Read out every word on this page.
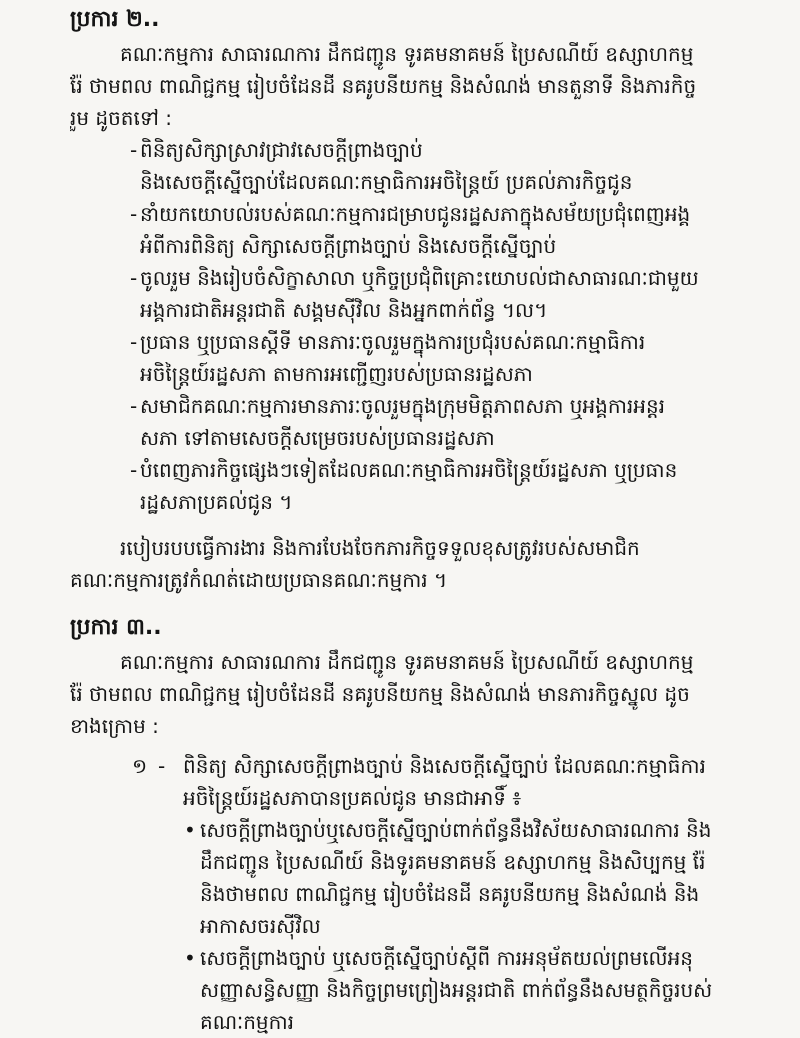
ប្រការ ២..
គណៈកម្មការ សាធារណការ ដឹកជញ្ជូន ទូរគមនាគមន៍ ប្រៃសណីយ៍ ឧស្សាហកម្ម
រ៉ែ ថាមពល ពាណិជ្ជកម្ម រៀបចំដែនដី នគរូបនីយកម្ម និងសំណង់ មានតួនាទី និងភារកិច្ច
រួម ដូចតទៅ :
- ពិនិត្យសិក្សាស្រាវជ្រាវសេចក្តីព្រាងច្បាប់
និងសេចក្តីស្នើច្បាប់ដែលគណៈកម្មាធិការអចិន្ត្រៃយ៍ ប្រគល់ភារកិច្ចជូន
- នាំយកយោបល់របស់គណៈកម្មការជម្រាបជូនរដ្ឋសភាក្នុងសម័យប្រជុំពេញអង្គ
អំពីការពិនិត្យ សិក្សាសេចក្តីព្រាងច្បាប់ និងសេចក្តីស្នើច្បាប់
- ចូលរួម និងរៀបចំសិក្ខាសាលា ឬកិច្ចប្រជុំពិគ្រោះយោបល់ជាសាធារណៈជាមួយ
អង្គការជាតិអន្តរជាតិ សង្គមស៊ីវិល និងអ្នកពាក់ព័ន្ធ ។ល។
- ប្រធាន ឬប្រធានស្តីទី មានភារៈចូលរួមក្នុងការប្រជុំរបស់គណៈកម្មាធិការ
អចិន្ត្រៃយ៍រដ្ឋសភា តាមការអញ្ជើញរបស់ប្រធានរដ្ឋសភា
- សមាជិកគណៈកម្មការមានភារៈចូលរួមក្នុងក្រុមមិត្តភាពសភា ឬអង្គការអន្តរ
សភា ទៅតាមសេចក្តីសម្រេចរបស់ប្រធានរដ្ឋសភា
- បំពេញភារកិច្ចផ្សេងៗទៀតដែលគណៈកម្មាធិការអចិន្ត្រៃយ៍រដ្ឋសភា ឬប្រធាន
រដ្ឋសភាប្រគល់ជូន ។
របៀបរបបធ្វើការងារ និងការបែងចែកភារកិច្ចទទួលខុសត្រូវរបស់សមាជិក
គណៈកម្មការត្រូវកំណត់ដោយប្រធានគណៈកម្មការ ។
ប្រការ ៣..
គណៈកម្មការ សាធារណការ ដឹកជញ្ជូន ទូរគមនាគមន៍ ប្រៃសណីយ៍ ឧស្សាហកម្ម
រ៉ែ ថាមពល ពាណិជ្ជកម្ម រៀបចំដែនដី នគរូបនីយកម្ម និងសំណង់ មានភារកិច្ចស្នូល ដូច
ខាងក្រោម :
១ - ពិនិត្យ សិក្សាសេចក្តីព្រាងច្បាប់ និងសេចក្តីស្នើច្បាប់ ដែលគណៈកម្មាធិការ
អចិន្ត្រៃយ៍រដ្ឋសភាបានប្រគល់ជូន មានជាអាទិ៍ ៖
• សេចក្តីព្រាងច្បាប់ឬសេចក្តីស្នើច្បាប់ពាក់ព័ន្ធនឹងវិស័យសាធារណការ និង
ដឹកជញ្ជូន ប្រៃសណីយ៍ និងទូរគមនាគមន៍ ឧស្សាហកម្ម និងសិប្បកម្ម រ៉ែ
និងថាមពល ពាណិជ្ជកម្ម រៀបចំដែនដី នគរូបនីយកម្ម និងសំណង់ និង
អាកាសចរស៊ីវិល
• សេចក្តីព្រាងច្បាប់ ឬសេចក្តីស្នើច្បាប់ស្តីពី ការអនុម័តយល់ព្រមលើអនុ
សញ្ញាសន្ធិសញ្ញា និងកិច្ចព្រមព្រៀងអន្តរជាតិ ពាក់ព័ន្ធនឹងសមត្ថកិច្ចរបស់
គណៈកម្មការ
